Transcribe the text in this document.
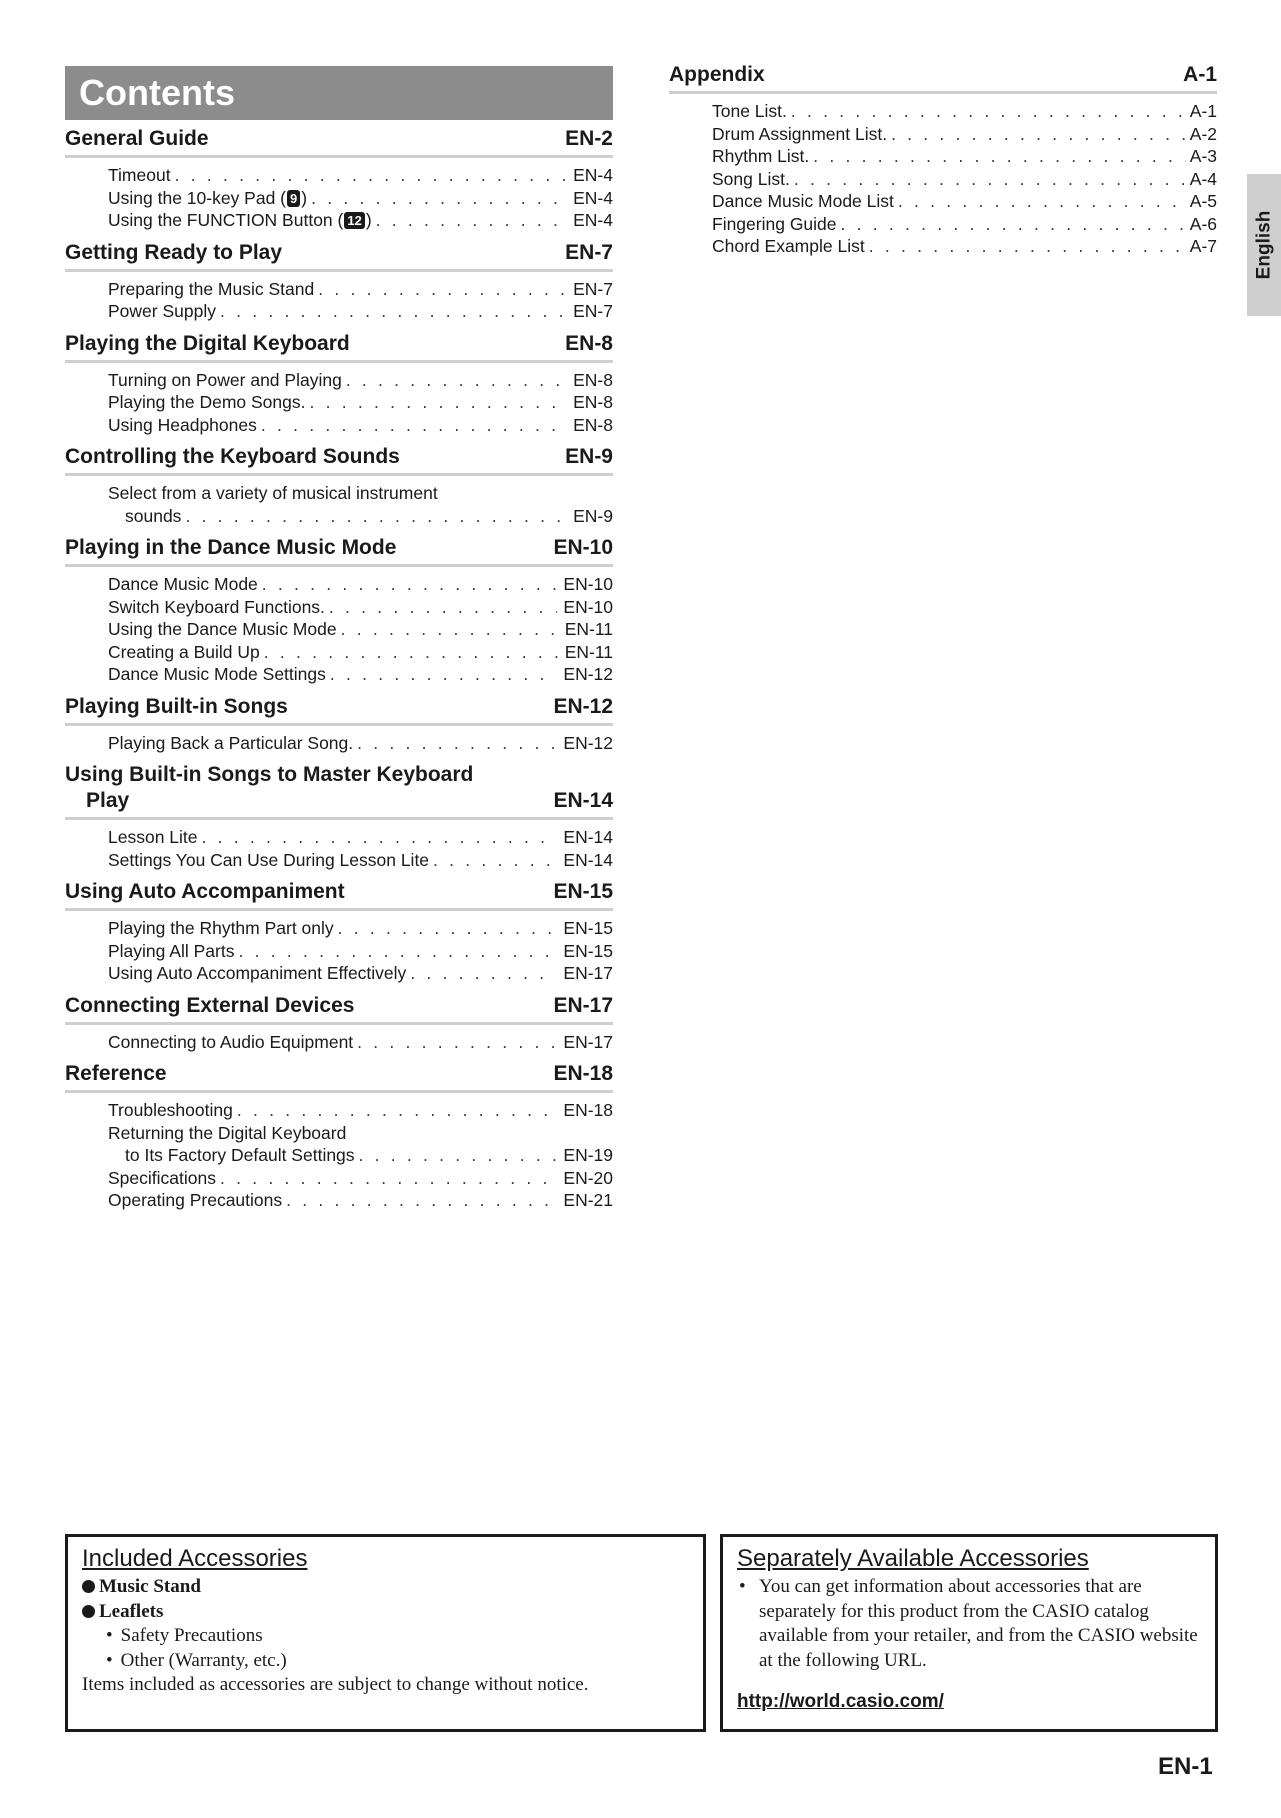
Contents
General Guide	EN-2
Timeout . . .	EN-4
Using the 10-key Pad ( 9 ) . . .	EN-4
Using the FUNCTION Button ( 12 ) . . .	EN-4
Getting Ready to Play	EN-7
Preparing the Music Stand . . .	EN-7
Power Supply . . .	EN-7
Playing the Digital Keyboard	EN-8
Turning on Power and Playing . . .	EN-8
Playing the Demo Songs. . . .	EN-8
Using Headphones . . .	EN-8
Controlling the Keyboard Sounds	EN-9
Select from a variety of musical instrument
sounds . . .	EN-9
Playing in the Dance Music Mode	EN-10
Dance Music Mode . . .	EN-10
Switch Keyboard Functions. . . .	EN-10
Using the Dance Music Mode . . .	EN-11
Creating a Build Up . . .	EN-11
Dance Music Mode Settings . . .	EN-12
Playing Built-in Songs	EN-12
Playing Back a Particular Song. . . .	EN-12
Using Built-in Songs to Master Keyboard
Play	EN-14
Lesson Lite . . .	EN-14
Settings You Can Use During Lesson Lite . . .	EN-14
Using Auto Accompaniment	EN-15
Playing the Rhythm Part only . . .	EN-15
Playing All Parts . . .	EN-15
Using Auto Accompaniment Effectively . . .	EN-17
Connecting External Devices	EN-17
Connecting to Audio Equipment . . .	EN-17
Reference	EN-18
Troubleshooting . . .	EN-18
Returning the Digital Keyboard
to Its Factory Default Settings . . .	EN-19
Specifications . . .	EN-20
Operating Precautions . . .	EN-21
Appendix	A-1
Tone List. . . .	A-1
Drum Assignment List. . . .	A-2
Rhythm List. . . .	A-3
Song List. . . .	A-4
Dance Music Mode List . . .	A-5
Fingering Guide . . .	A-6
Chord Example List . . .	A-7 English
Included Accessories
Music Stand
Leaflets
• Safety Precautions
• Other (Warranty, etc.)
Items included as accessories are subject to change without notice.
Separately Available Accessories
• You can get information about accessories that are separately for this product from the CASIO catalog available from your retailer, and from the CASIO website at the following URL.
http://world.casio.com/
EN-1
